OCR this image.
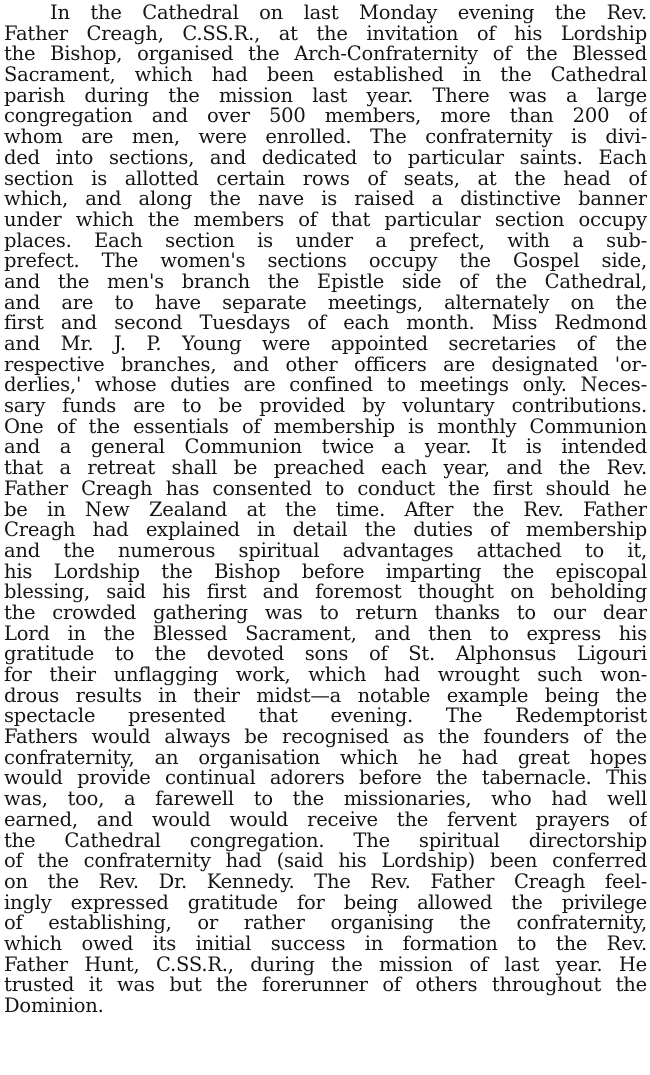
In the Cathedral on last Monday evening the Rev.
Father Creagh, C.SS.R., at the invitation of his Lordship
the Bishop, organised the Arch-Confraternity of the Blessed
Sacrament, which had been established in the Cathedral
parish during the mission last year. There was a large
congregation and over 500 members, more than 200 of
whom are men, were enrolled. The confraternity is divi-
ded into sections, and dedicated to particular saints. Each
section is allotted certain rows of seats, at the head of
which, and along the nave is raised a distinctive banner
under which the members of that particular section occupy
places. Each section is under a prefect, with a sub-
prefect. The women's sections occupy the Gospel side,
and the men's branch the Epistle side of the Cathedral,
and are to have separate meetings, alternately on the
first and second Tuesdays of each month. Miss Redmond
and Mr. J. P. Young were appointed secretaries of the
respective branches, and other officers are designated 'or-
derlies,' whose duties are confined to meetings only. Neces-
sary funds are to be provided by voluntary contributions.
One of the essentials of membership is monthly Communion
and a general Communion twice a year. It is intended
that a retreat shall be preached each year, and the Rev.
Father Creagh has consented to conduct the first should he
be in New Zealand at the time. After the Rev. Father
Creagh had explained in detail the duties of membership
and the numerous spiritual advantages attached to it,
his Lordship the Bishop before imparting the episcopal
blessing, said his first and foremost thought on beholding
the crowded gathering was to return thanks to our dear
Lord in the Blessed Sacrament, and then to express his
gratitude to the devoted sons of St. Alphonsus Ligouri
for their unflagging work, which had wrought such won-
drous results in their midst—a notable example being the
spectacle presented that evening. The Redemptorist
Fathers would always be recognised as the founders of the
confraternity, an organisation which he had great hopes
would provide continual adorers before the tabernacle. This
was, too, a farewell to the missionaries, who had well
earned, and would would receive the fervent prayers of
the Cathedral congregation. The spiritual directorship
of the confraternity had (said his Lordship) been conferred
on the Rev. Dr. Kennedy. The Rev. Father Creagh feel-
ingly expressed gratitude for being allowed the privilege
of establishing, or rather organising the confraternity,
which owed its initial success in formation to the Rev.
Father Hunt, C.SS.R., during the mission of last year. He
trusted it was but the forerunner of others throughout the
Dominion.
